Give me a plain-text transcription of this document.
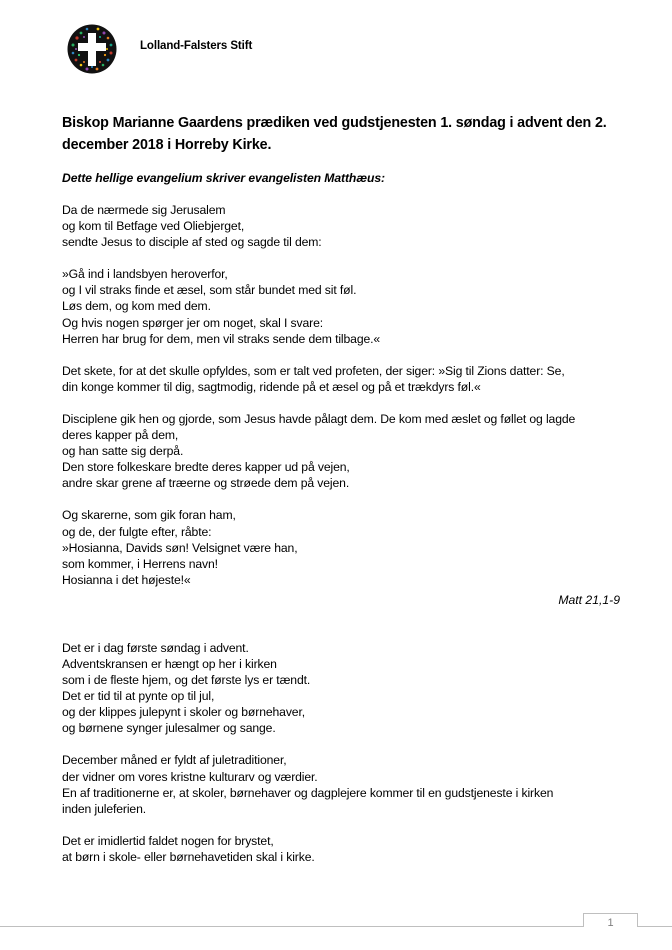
Lolland-Falsters Stift
Biskop Marianne Gaardens prædiken ved gudstjenesten 1. søndag i advent den 2. december 2018 i Horreby Kirke.
Dette hellige evangelium skriver evangelisten Matthæus:
Da de nærmede sig Jerusalem
og kom til Betfage ved Oliebjerget,
sendte Jesus to disciple af sted og sagde til dem:
»Gå ind i landsbyen heroverfor,
og I vil straks finde et æsel, som står bundet med sit føl.
Løs dem, og kom med dem.
Og hvis nogen spørger jer om noget, skal I svare:
Herren har brug for dem, men vil straks sende dem tilbage.«
Det skete, for at det skulle opfyldes, som er talt ved profeten, der siger: »Sig til Zions datter: Se,
din konge kommer til dig, sagtmodig, ridende på et æsel og på et trækdyrs føl.«
Disciplene gik hen og gjorde, som Jesus havde pålagt dem. De kom med æslet og føllet og lagde
deres kapper på dem,
og han satte sig derpå.
Den store folkeskare bredte deres kapper ud på vejen,
andre skar grene af træerne og strøede dem på vejen.
Og skarerne, som gik foran ham,
og de, der fulgte efter, råbte:
»Hosianna, Davids søn! Velsignet være han,
som kommer, i Herrens navn!
Hosianna i det højeste!«
Matt 21,1-9
Det er i dag første søndag i advent.
Adventskransen er hængt op her i kirken
som i de fleste hjem, og det første lys er tændt.
Det er tid til at pynte op til jul,
og der klippes julepynt i skoler og børnehaver,
og børnene synger julesalmer og sange.
December måned er fyldt af juletraditioner,
der vidner om vores kristne kulturarv og værdier.
En af traditionerne er, at skoler, børnehaver og dagplejere kommer til en gudstjeneste i kirken
inden juleferien.
Det er imidlertid faldet nogen for brystet,
at børn i skole- eller børnehavetiden skal i kirke.
1
